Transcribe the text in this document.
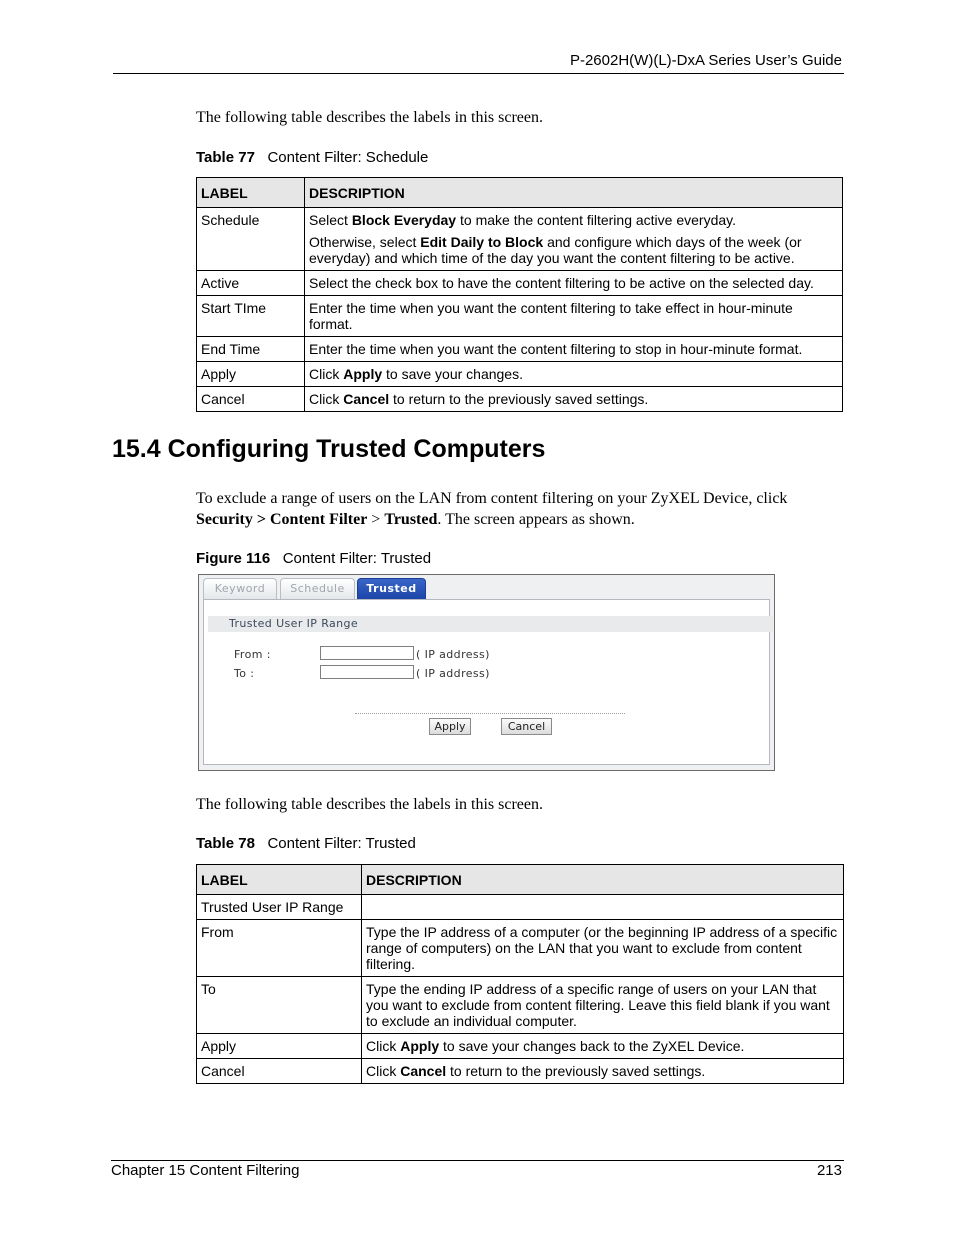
P-2602H(W)(L)-DxA Series User’s Guide
The following table describes the labels in this screen.
Table 77 Content Filter: Schedule
LABEL	DESCRIPTION
Schedule	Select Block Everyday to make the content filtering active everyday.

Otherwise, select Edit Daily to Block and configure which days of the week (or everyday) and which time of the day you want the content filtering to be active.

Active	Select the check box to have the content filtering to be active on the selected day.
Start TIme	Enter the time when you want the content filtering to take effect in hour-minute format.
End Time	Enter the time when you want the content filtering to stop in hour-minute format.
Apply	Click Apply to save your changes.
Cancel	Click Cancel to return to the previously saved settings.
15.4 Configuring Trusted Computers
To exclude a range of users on the LAN from content filtering on your ZyXEL Device, click Security > Content Filter > Trusted. The screen appears as shown.
Figure 116 Content Filter: Trusted
Keyword	Schedule	Trusted
Trusted User IP Range
From :	( IP address)
To :	( IP address)
Apply	Cancel
The following table describes the labels in this screen.
Table 78 Content Filter: Trusted
LABEL	DESCRIPTION
Trusted User IP Range	
From	Type the IP address of a computer (or the beginning IP address of a specific range of computers) on the LAN that you want to exclude from content filtering.
To	Type the ending IP address of a specific range of users on your LAN that you want to exclude from content filtering. Leave this field blank if you want to exclude an individual computer.
Apply	Click Apply to save your changes back to the ZyXEL Device.
Cancel	Click Cancel to return to the previously saved settings.
Chapter 15 Content Filtering	213
